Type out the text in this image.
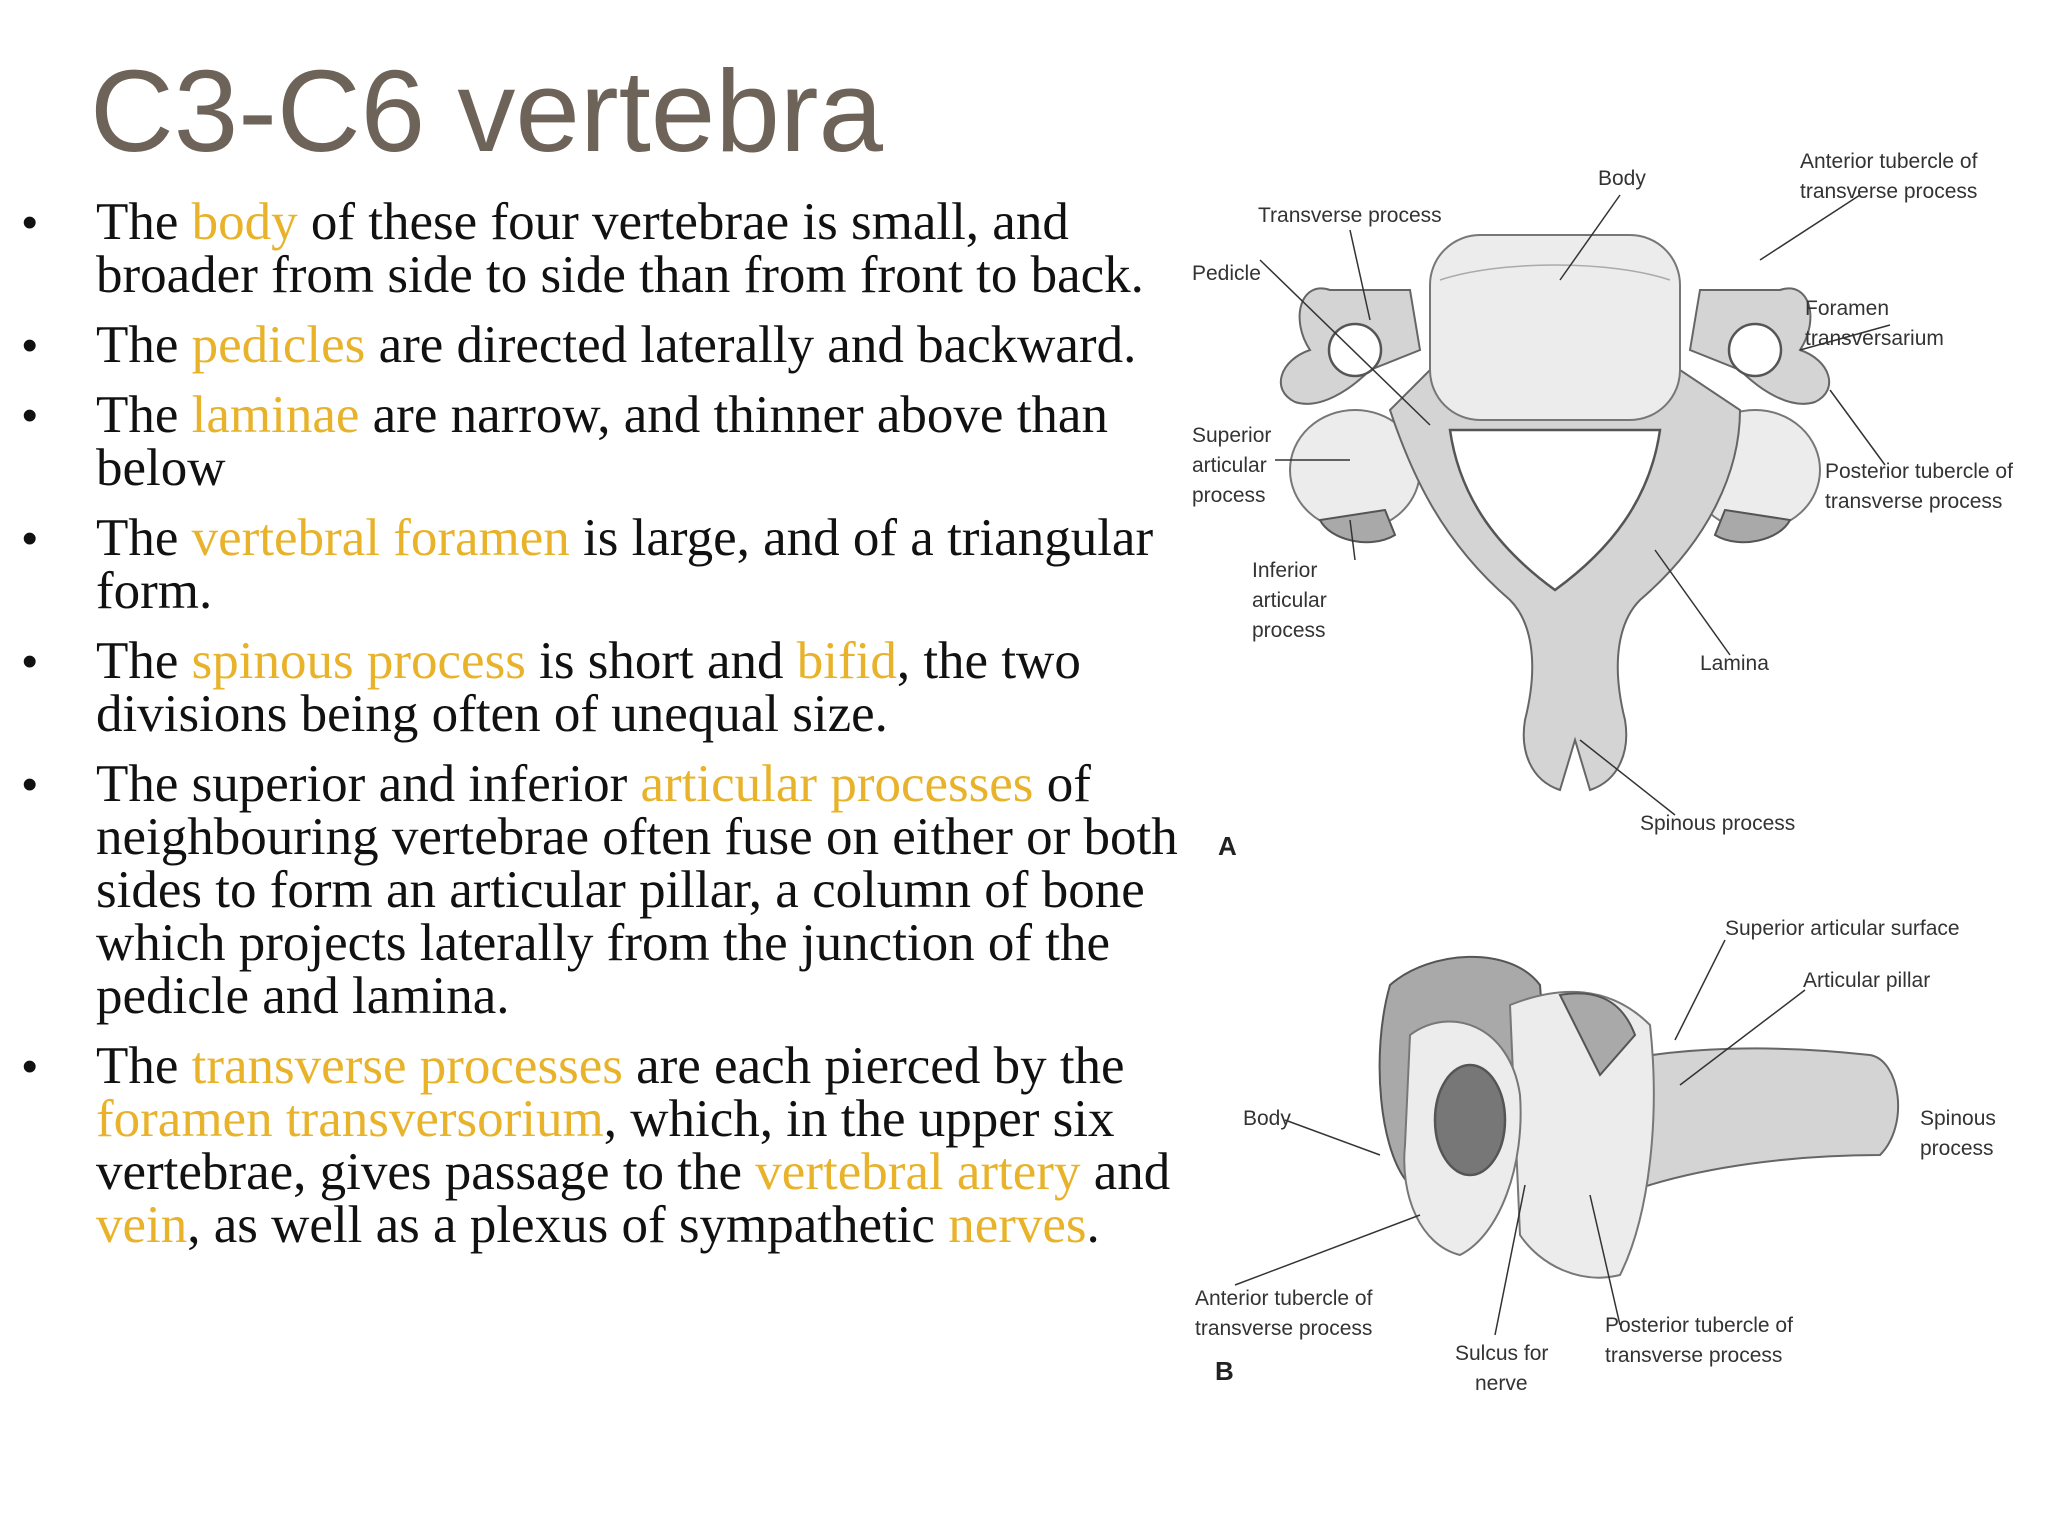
C3-C6 vertebra
• The body of these four vertebrae is small, and broader from side to side than from front to back.
• The pedicles are directed laterally and backward.
• The laminae are narrow, and thinner above than below
• The vertebral foramen is large, and of a triangular form.
• The spinous process is short and bifid, the two divisions being often of unequal size.
• The superior and inferior articular processes of neighbouring vertebrae often fuse on either or both sides to form an articular pillar, a column of bone which projects laterally from the junction of the pedicle and lamina.
• The transverse processes are each pierced by the foramen transversorium, which, in the upper six vertebrae, gives passage to the vertebral artery and vein, as well as a plexus of sympathetic nerves.
Body
Transverse process
Anterior tubercle of
transverse process
Pedicle
Foramen
transversarium
Superior
articular
process
Posterior tubercle of
transverse process
Inferior
articular
process
Lamina
Spinous process
A
Superior articular surface
Articular pillar
Body	Spinous
process
Anterior tubercle of
transverse process
Sulcus for
nerve
Posterior tubercle of
transverse process
B
